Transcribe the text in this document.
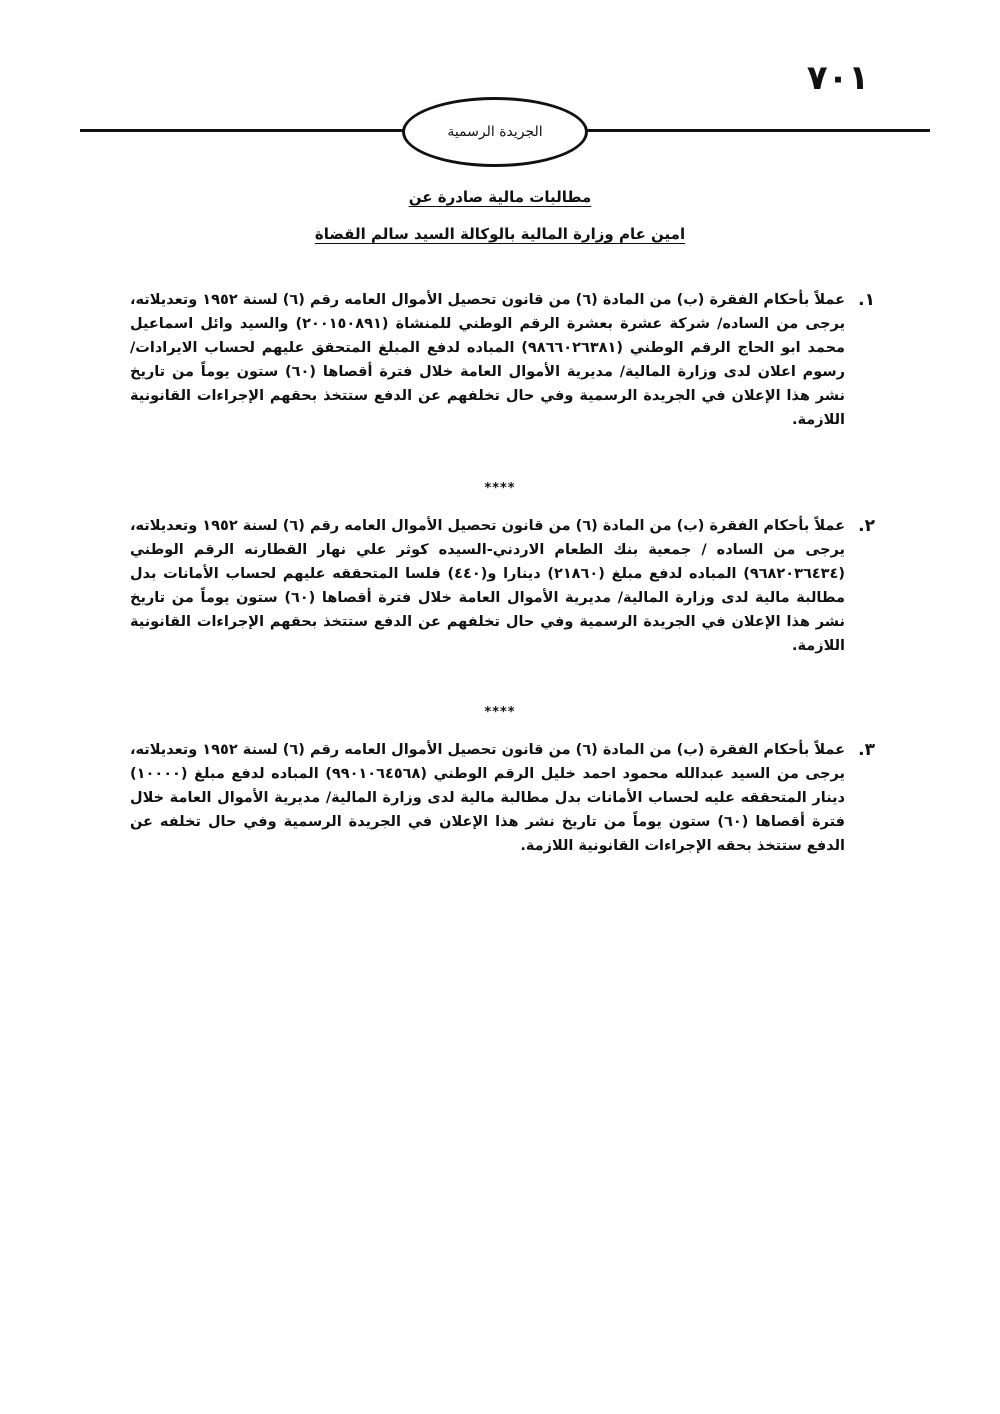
٧٠١
الجريدة الرسمية
مطالبات مالية صادرة عن
امين عام وزارة المالية بالوكالة السيد سالم القضاة
١.
عملاً بأحكام الفقرة (ب) من المادة (٦) من قانون تحصيل الأموال العامه رقم (٦) لسنة ١٩٥٢ وتعديلاته، يرجى من الساده/ شركة عشرة بعشرة الرقم الوطني للمنشاة (٢٠٠١٥٠٨٩١) والسيد وائل اسماعيل محمد ابو الحاج الرقم الوطني (٩٨٦٦٠٢٦٣٨١) المباده لدفع المبلغ المتحقق عليهم لحساب الايرادات/ رسوم اعلان لدى وزارة المالية/ مديرية الأموال العامة خلال فترة أقصاها (٦٠) ستون يوماً من تاريخ نشر هذا الإعلان في الجريدة الرسمية وفي حال تخلفهم عن الدفع ستتخذ بحقهم الإجراءات القانونية اللازمة.
****
٢.
عملاً بأحكام الفقرة (ب) من المادة (٦) من قانون تحصيل الأموال العامه رقم (٦) لسنة ١٩٥٢ وتعديلاته، يرجى من الساده / جمعية بنك الطعام الاردني-السيده كوثر علي نهار القطارنه الرقم الوطني (٩٦٨٢٠٣٦٤٣٤) المباده لدفع مبلغ (٢١٨٦٠) دينارا و(٤٤٠) فلسا المتحققه عليهم لحساب الأمانات بدل مطالبة مالية لدى وزارة المالية/ مديرية الأموال العامة خلال فترة أقصاها (٦٠) ستون يوماً من تاريخ نشر هذا الإعلان في الجريدة الرسمية وفي حال تخلفهم عن الدفع ستتخذ بحقهم الإجراءات القانونية اللازمة.
****
٣.
عملاً بأحكام الفقرة (ب) من المادة (٦) من قانون تحصيل الأموال العامه رقم (٦) لسنة ١٩٥٢ وتعديلاته، يرجى من السيد عبدالله محمود احمد خليل الرقم الوطني (٩٩٠١٠٦٤٥٦٨) المباده لدفع مبلغ (١٠٠٠٠) دينار المتحققه عليه لحساب الأمانات بدل مطالبة مالية لدى وزارة المالية/ مديرية الأموال العامة خلال فترة أقصاها (٦٠) ستون يوماً من تاريخ نشر هذا الإعلان في الجريدة الرسمية وفي حال تخلفه عن الدفع ستتخذ بحقه الإجراءات القانونية اللازمة.
